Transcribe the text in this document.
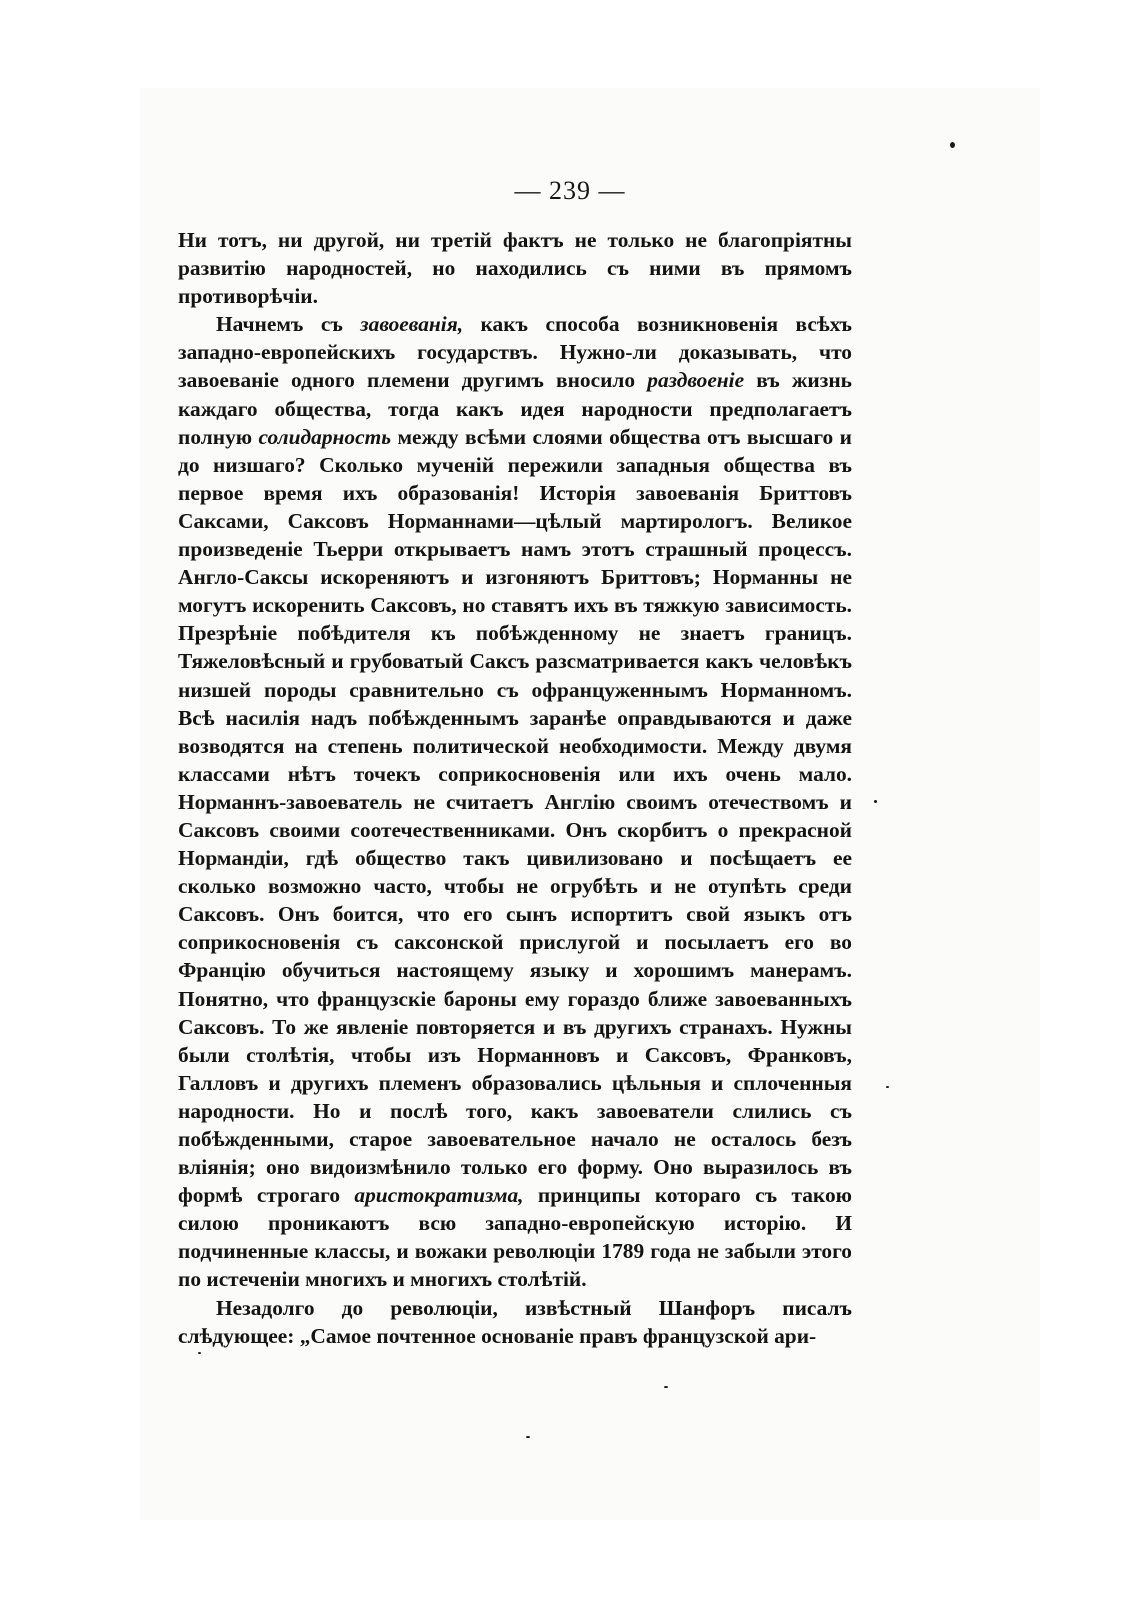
— 239 —

Ни тотъ, ни другой, ни третій фактъ не только не благопріятны развитію народностей, но находились съ ними въ прямомъ противорѣчіи.

Начнемъ съ завоеванія, какъ способа возникновенія всѣхъ западно-европейскихъ государствъ. Нужно-ли доказывать, что завоеваніе одного племени другимъ вносило раздвоеніе въ жизнь каждаго общества, тогда какъ идея народности предполагаетъ полную солидарность между всѣми слоями общества отъ высшаго и до низшаго? Сколько мученій пережили западныя общества въ первое время ихъ образованія! Исторія завоеванія Бриттовъ Саксами, Саксовъ Норманнами—цѣлый мартирологъ. Великое произведеніе Тьерри открываетъ намъ этотъ страшный процессъ. Англо-Саксы искореняютъ и изгоняютъ Бриттовъ; Норманны не могутъ искоренить Саксовъ, но ставятъ ихъ въ тяжкую зависимость. Презрѣніе побѣдителя къ побѣжденному не знаетъ границъ. Тяжеловѣсный и грубоватый Саксъ разсматривается какъ человѣкъ низшей породы сравнительно съ офранцуженнымъ Норманномъ. Всѣ насилія надъ побѣжденнымъ заранѣе оправдываются и даже возводятся на степень политической необходимости. Между двумя классами нѣтъ точекъ соприкосновенія или ихъ очень мало. Норманнъ-завоеватель не считаетъ Англію своимъ отечествомъ и Саксовъ своими соотечественниками. Онъ скорбитъ о прекрасной Нормандіи, гдѣ общество такъ цивилизовано и посѣщаетъ ее сколько возможно часто, чтобы не огрубѣть и не отупѣть среди Саксовъ. Онъ боится, что его сынъ испортитъ свой языкъ отъ соприкосновенія съ саксонской прислугой и посылаетъ его во Францію обучиться настоящему языку и хорошимъ манерамъ. Понятно, что французскіе бароны ему гораздо ближе завоеванныхъ Саксовъ. То же явленіе повторяется и въ другихъ странахъ. Нужны были столѣтія, чтобы изъ Норманновъ и Саксовъ, Франковъ, Галловъ и другихъ племенъ образовались цѣльныя и сплоченныя народности. Но и послѣ того, какъ завоеватели слились съ побѣжденными, старое завоевательное начало не осталось безъ вліянія; оно видоизмѣнило только его форму. Оно выразилось въ формѣ строгаго аристократизма, принципы котораго съ такою силою проникаютъ всю западно-европейскую исторію. И подчиненные классы, и вожаки революціи 1789 года не забыли этого по истеченіи многихъ и многихъ столѣтій.

Незадолго до революціи, извѣстный Шанфоръ писалъ слѣдующее: „Самое почтенное основаніе правъ французской ари-
